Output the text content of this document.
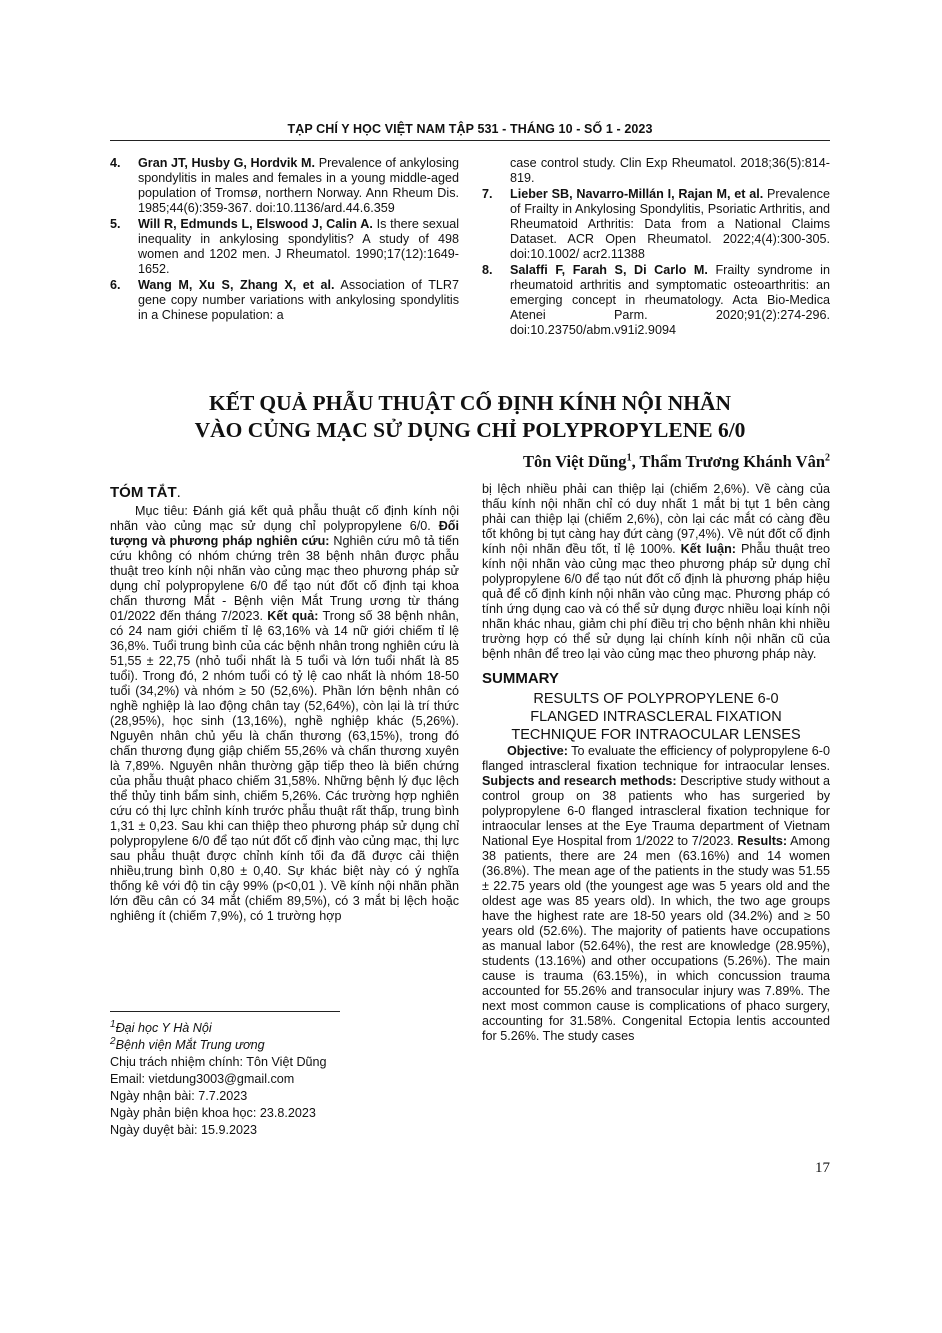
TẠP CHÍ Y HỌC VIỆT NAM TẬP 531 - THÁNG 10 - SỐ 1 - 2023
4. Gran JT, Husby G, Hordvik M. Prevalence of ankylosing spondylitis in males and females in a young middle-aged population of Tromsø, northern Norway. Ann Rheum Dis. 1985;44(6):359-367. doi:10.1136/ard.44.6.359
5. Will R, Edmunds L, Elswood J, Calin A. Is there sexual inequality in ankylosing spondylitis? A study of 498 women and 1202 men. J Rheumatol. 1990;17(12):1649-1652.
6. Wang M, Xu S, Zhang X, et al. Association of TLR7 gene copy number variations with ankylosing spondylitis in a Chinese population: a
case control study. Clin Exp Rheumatol. 2018;36(5):814-819.
7. Lieber SB, Navarro-Millán I, Rajan M, et al. Prevalence of Frailty in Ankylosing Spondylitis, Psoriatic Arthritis, and Rheumatoid Arthritis: Data from a National Claims Dataset. ACR Open Rheumatol. 2022;4(4):300-305. doi:10.1002/ acr2.11388
8. Salaffi F, Farah S, Di Carlo M. Frailty syndrome in rheumatoid arthritis and symptomatic osteoarthritis: an emerging concept in rheumatology. Acta Bio-Medica Atenei Parm. 2020;91(2):274-296. doi:10.23750/abm.v91i2.9094
KẾT QUẢ PHẪU THUẬT CỐ ĐỊNH KÍNH NỘI NHÃN
VÀO CỦNG MẠC SỬ DỤNG CHỈ POLYPROPYLENE 6/0
Tôn Việt Dũng$^1$, Thẩm Trương Khánh Vân$^2$
TÓM TẮT.

Mục tiêu: Đánh giá kết quả phẫu thuật cố định kính nội nhãn vào củng mạc sử dụng chỉ polypropylene 6/0. Đối tượng và phương pháp nghiên cứu: Nghiên cứu mô tả tiến cứu không có nhóm chứng trên 38 bệnh nhân được phẫu thuật treo kính nội nhãn vào củng mạc theo phương pháp sử dụng chỉ polypropylene 6/0 để tạo nút đốt cố định tại khoa chấn thương Mắt - Bệnh viện Mắt Trung ương từ tháng 01/2022 đến tháng 7/2023. Kết quả: Trong số 38 bệnh nhân, có 24 nam giới chiếm tỉ lệ 63,16% và 14 nữ giới chiếm tỉ lệ 36,8%. Tuổi trung bình của các bệnh nhân trong nghiên cứu là 51,55 ± 22,75 (nhỏ tuổi nhất là 5 tuổi và lớn tuổi nhất là 85 tuổi). Trong đó, 2 nhóm tuổi có tỷ lệ cao nhất là nhóm 18-50 tuổi (34,2%) và nhóm ≥ 50 (52,6%). Phần lớn bệnh nhân có nghề nghiệp là lao động chân tay (52,64%), còn lại là trí thức (28,95%), học sinh (13,16%), nghề nghiệp khác (5,26%). Nguyên nhân chủ yếu là chấn thương (63,15%), trong đó chấn thương đụng giập chiếm 55,26% và chấn thương xuyên là 7,89%. Nguyên nhân thường gặp tiếp theo là biến chứng của phẫu thuật phaco chiếm 31,58%. Những bệnh lý đục lệch thể thủy tinh bẩm sinh, chiếm 5,26%. Các trường hợp nghiên cứu có thị lực chỉnh kính trước phẫu thuật rất thấp, trung bình 1,31 ± 0,23. Sau khi can thiệp theo phương pháp sử dụng chỉ polypropylene 6/0 để tạo nút đốt cố định vào củng mạc, thị lực sau phẫu thuật được chỉnh kính tối đa đã được cải thiện nhiều,trung bình 0,80 ± 0,40. Sự khác biệt này có ý nghĩa thống kê với độ tin cậy 99% (p<0,01 ). Về kính nội nhãn phần lớn đều cân có 34 mắt (chiếm 89,5%), có 3 mắt bị lệch hoặc nghiêng ít (chiếm 7,9%), có 1 trường hợp

bị lệch nhiều phải can thiệp lại (chiếm 2,6%). Về càng của thấu kính nội nhãn chỉ có duy nhất 1 mắt bị tụt 1 bên càng phải can thiệp lại (chiếm 2,6%), còn lại các mắt có càng đều tốt không bị tụt càng hay đứt càng (97,4%). Về nút đốt cố định kính nội nhãn đều tốt, tỉ lệ 100%. Kết luận: Phẫu thuật treo kính nội nhãn vào củng mạc theo phương pháp sử dụng chỉ polypropylene 6/0 để tạo nút đốt cố định là phương pháp hiệu quả để cố định kính nội nhãn vào củng mạc. Phương pháp có tính ứng dụng cao và có thể sử dụng được nhiều loại kính nội nhãn khác nhau, giảm chi phí điều trị cho bệnh nhân khi nhiều trường hợp có thể sử dụng lại chính kính nội nhãn cũ của bệnh nhân để treo lại vào củng mạc theo phương pháp này.

SUMMARY
RESULTS OF POLYPROPYLENE 6-0
FLANGED INTRASCLERAL FIXATION
TECHNIQUE FOR INTRAOCULAR LENSES

Objective: To evaluate the efficiency of polypropylene 6-0 flanged intrascleral fixation technique for intraocular lenses. Subjects and research methods: Descriptive study without a control group on 38 patients who has surgeried by polypropylene 6-0 flanged intrascleral fixation technique for intraocular lenses at the Eye Trauma department of Vietnam National Eye Hospital from 1/2022 to 7/2023. Results: Among 38 patients, there are 24 men (63.16%) and 14 women (36.8%). The mean age of the patients in the study was 51.55 ± 22.75 years old (the youngest age was 5 years old and the oldest age was 85 years old). In which, the two age groups have the highest rate are 18-50 years old (34.2%) and ≥ 50 years old (52.6%). The majority of patients have occupations as manual labor (52.64%), the rest are knowledge (28.95%), students (13.16%) and other occupations (5.26%). The main cause is trauma (63.15%), in which concussion trauma accounted for 55.26% and transocular injury was 7.89%. The next most common cause is complications of phaco surgery, accounting for 31.58%. Congenital Ectopia lentis accounted for 5.26%. The study cases

$^1$Đại học Y Hà Nội
$^2$Bệnh viện Mắt Trung ương
Chịu trách nhiệm chính: Tôn Việt Dũng
Email: vietdung3003@gmail.com
Ngày nhận bài: 7.7.2023
Ngày phản biện khoa học: 23.8.2023
Ngày duyệt bài: 15.9.2023
17
